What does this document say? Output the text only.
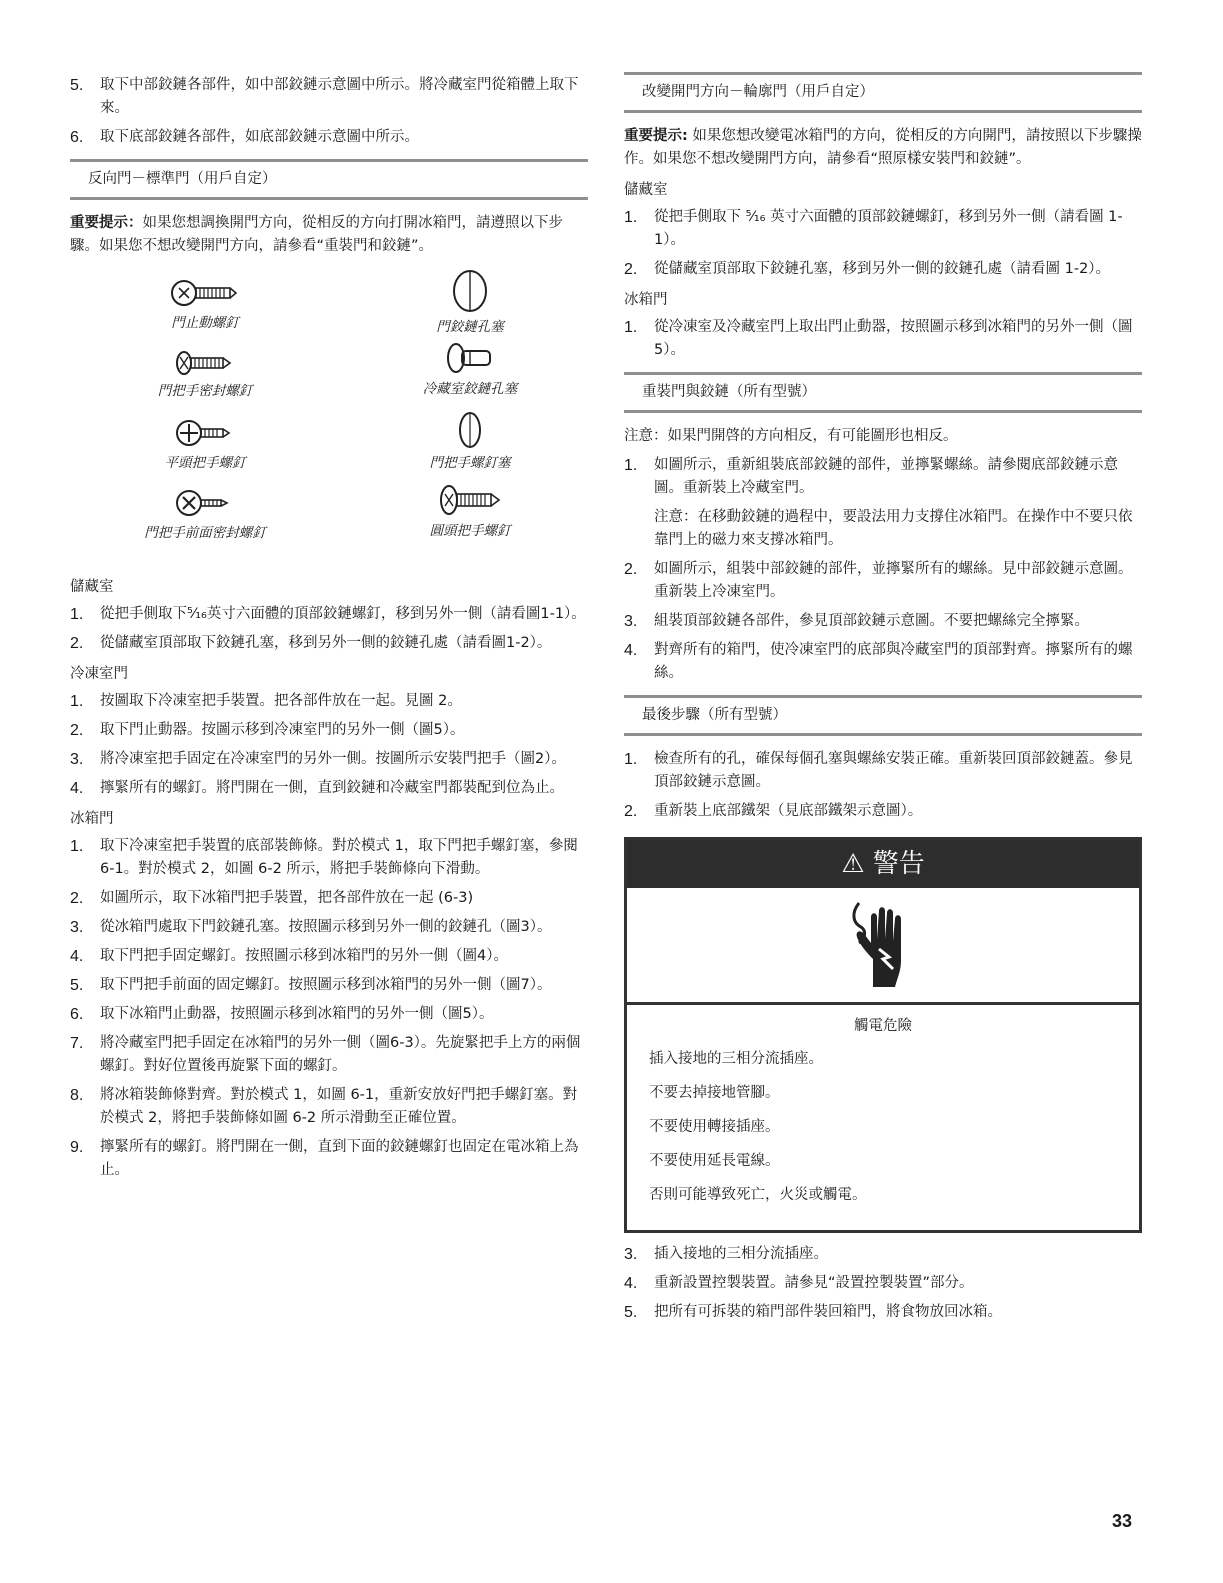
5.	取下中部鉸鏈各部件，如中部鉸鏈示意圖中所示。將冷藏室門從箱體上取下來。
6.	取下底部鉸鏈各部件，如底部鉸鏈示意圖中所示。
反向門－標準門（用戶自定）
重要提示：如果您想調換開門方向，從相反的方向打開冰箱門，請遵照以下步驟。如果您不想改變開門方向，請參看“重裝門和鉸鏈”。
門止動螺釘	門鉸鏈孔塞
門把手密封螺釘	冷藏室鉸鏈孔塞
平頭把手螺釘	門把手螺釘塞
門把手前面密封螺釘	圓頭把手螺釘
儲藏室
1.	從把手側取下⁵⁄₁₆英寸六面體的頂部鉸鏈螺釘，移到另外一側（請看圖1-1）。
2.	從儲藏室頂部取下鉸鏈孔塞，移到另外一側的鉸鏈孔處（請看圖1-2）。
冷凍室門
1.	按圖取下冷凍室把手裝置。把各部件放在一起。見圖 2。
2.	取下門止動器。按圖示移到冷凍室門的另外一側（圖5）。
3.	將冷凍室把手固定在冷凍室門的另外一側。按圖所示安裝門把手（圖2）。
4.	擰緊所有的螺釘。將門開在一側，直到鉸鏈和冷藏室門都裝配到位為止。
冰箱門
1.	取下冷凍室把手裝置的底部裝飾條。對於模式 1，取下門把手螺釘塞，參閱 6-1。對於模式 2，如圖 6-2 所示，將把手裝飾條向下滑動。
2.	如圖所示，取下冰箱門把手裝置，把各部件放在一起 (6-3)
3.	從冰箱門處取下門鉸鏈孔塞。按照圖示移到另外一側的鉸鏈孔（圖3）。
4.	取下門把手固定螺釘。按照圖示移到冰箱門的另外一側（圖4）。
5.	取下門把手前面的固定螺釘。按照圖示移到冰箱門的另外一側（圖7）。
6.	取下冰箱門止動器，按照圖示移到冰箱門的另外一側（圖5）。
7.	將冷藏室門把手固定在冰箱門的另外一側（圖6-3）。先旋緊把手上方的兩個螺釘。對好位置後再旋緊下面的螺釘。
8.	將冰箱裝飾條對齊。對於模式 1，如圖 6-1，重新安放好門把手螺釘塞。對於模式 2，將把手裝飾條如圖 6-2 所示滑動至正確位置。
9.	擰緊所有的螺釘。將門開在一側，直到下面的鉸鏈螺釘也固定在電冰箱上為止。
改變開門方向－輪廓門（用戶自定）
重要提示: 如果您想改變電冰箱門的方向，從相反的方向開門，請按照以下步驟操作。如果您不想改變開門方向，請參看“照原樣安裝門和鉸鏈”。
儲藏室
1.	從把手側取下 ⁵⁄₁₆ 英寸六面體的頂部鉸鏈螺釘，移到另外一側（請看圖 1-1）。
2.	從儲藏室頂部取下鉸鏈孔塞，移到另外一側的鉸鏈孔處（請看圖 1-2）。
冰箱門
1.	從冷凍室及冷藏室門上取出門止動器，按照圖示移到冰箱門的另外一側（圖5）。
重裝門與鉸鏈（所有型號）
注意：如果門開啓的方向相反，有可能圖形也相反。
1.	如圖所示，重新組裝底部鉸鏈的部件，並擰緊螺絲。請參閱底部鉸鏈示意圖。重新裝上冷藏室門。
注意：在移動鉸鏈的過程中，要設法用力支撐住冰箱門。在操作中不要只依靠門上的磁力來支撐冰箱門。
2.	如圖所示，組裝中部鉸鏈的部件，並擰緊所有的螺絲。見中部鉸鏈示意圖。重新裝上冷凍室門。
3.	組裝頂部鉸鏈各部件，參見頂部鉸鏈示意圖。不要把螺絲完全擰緊。
4.	對齊所有的箱門，使冷凍室門的底部與冷藏室門的頂部對齊。擰緊所有的螺絲。
最後步驟（所有型號）
1.	檢查所有的孔，確保每個孔塞與螺絲安裝正確。重新裝回頂部鉸鏈蓋。參見頂部鉸鏈示意圖。
2.	重新裝上底部鐵架（見底部鐵架示意圖）。
⚠ 警告
觸電危險
插入接地的三相分流插座。
不要去掉接地管腳。
不要使用轉接插座。
不要使用延長電線。
否則可能導致死亡，火災或觸電。
3.	插入接地的三相分流插座。
4.	重新設置控製裝置。請參見“設置控製裝置”部分。
5.	把所有可拆裝的箱門部件裝回箱門，將食物放回冰箱。
33
